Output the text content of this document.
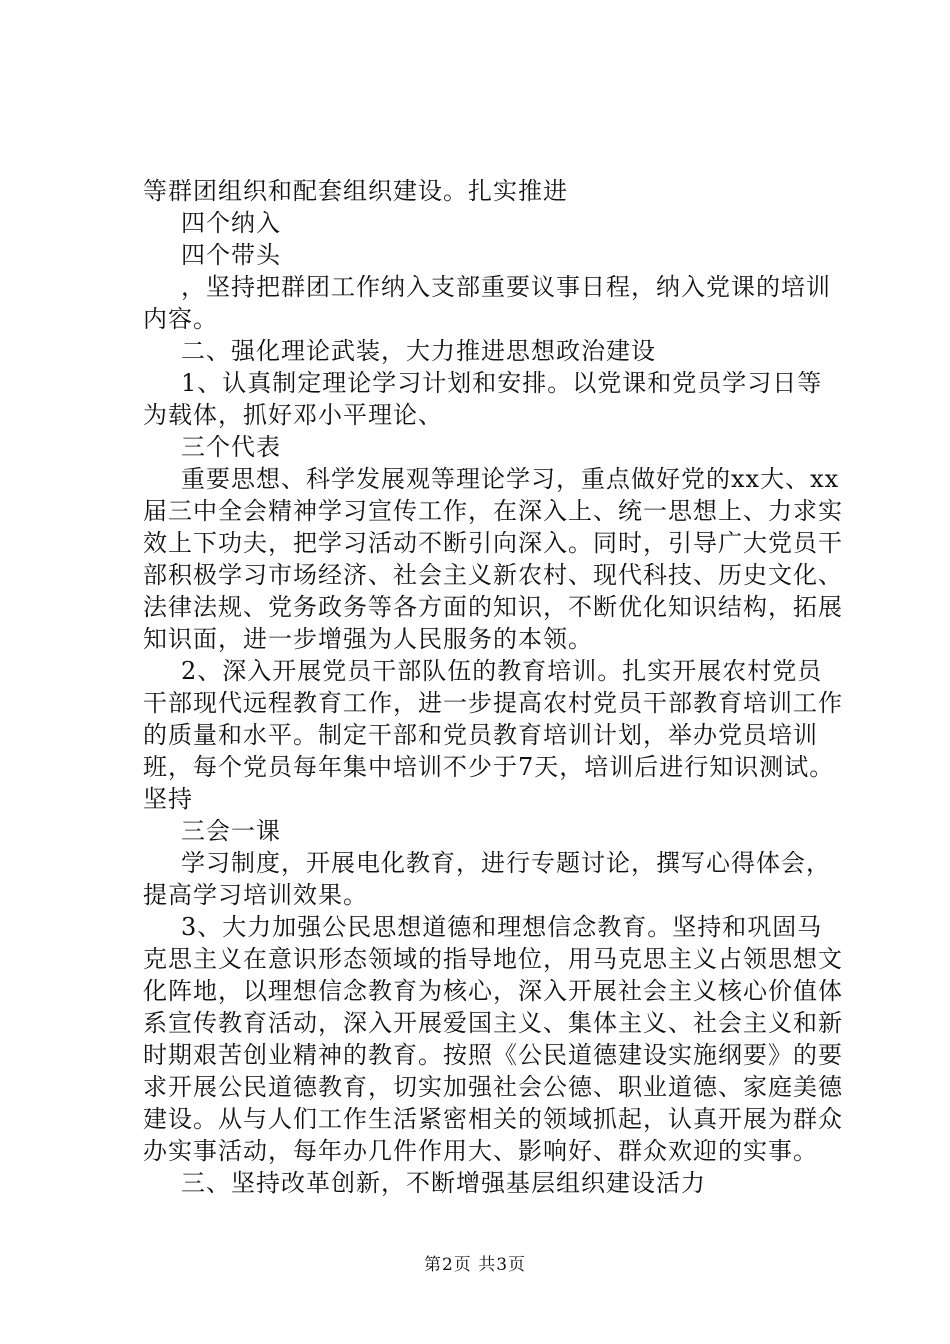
等群团组织和配套组织建设。扎实推进

四个纳入

四个带头

，坚持把群团工作纳入支部重要议事日程，纳入党课的培训内容。

二、强化理论武装，大力推进思想政治建设

1、认真制定理论学习计划和安排。以党课和党员学习日等为载体，抓好邓小平理论、

三个代表

重要思想、科学发展观等理论学习，重点做好党的xx大、xx届三中全会精神学习宣传工作，在深入上、统一思想上、力求实效上下功夫，把学习活动不断引向深入。同时，引导广大党员干部积极学习市场经济、社会主义新农村、现代科技、历史文化、法律法规、党务政务等各方面的知识，不断优化知识结构，拓展知识面，进一步增强为人民服务的本领。

2、深入开展党员干部队伍的教育培训。扎实开展农村党员干部现代远程教育工作，进一步提高农村党员干部教育培训工作的质量和水平。制定干部和党员教育培训计划，举办党员培训班，每个党员每年集中培训不少于7天，培训后进行知识测试。坚持

三会一课

学习制度，开展电化教育，进行专题讨论，撰写心得体会，提高学习培训效果。

3、大力加强公民思想道德和理想信念教育。坚持和巩固马克思主义在意识形态领域的指导地位，用马克思主义占领思想文化阵地，以理想信念教育为核心，深入开展社会主义核心价值体系宣传教育活动，深入开展爱国主义、集体主义、社会主义和新时期艰苦创业精神的教育。按照《公民道德建设实施纲要》的要求开展公民道德教育，切实加强社会公德、职业道德、家庭美德建设。从与人们工作生活紧密相关的领域抓起，认真开展为群众办实事活动，每年办几件作用大、影响好、群众欢迎的实事。

三、坚持改革创新，不断增强基层组织建设活力

第2页 共3页
